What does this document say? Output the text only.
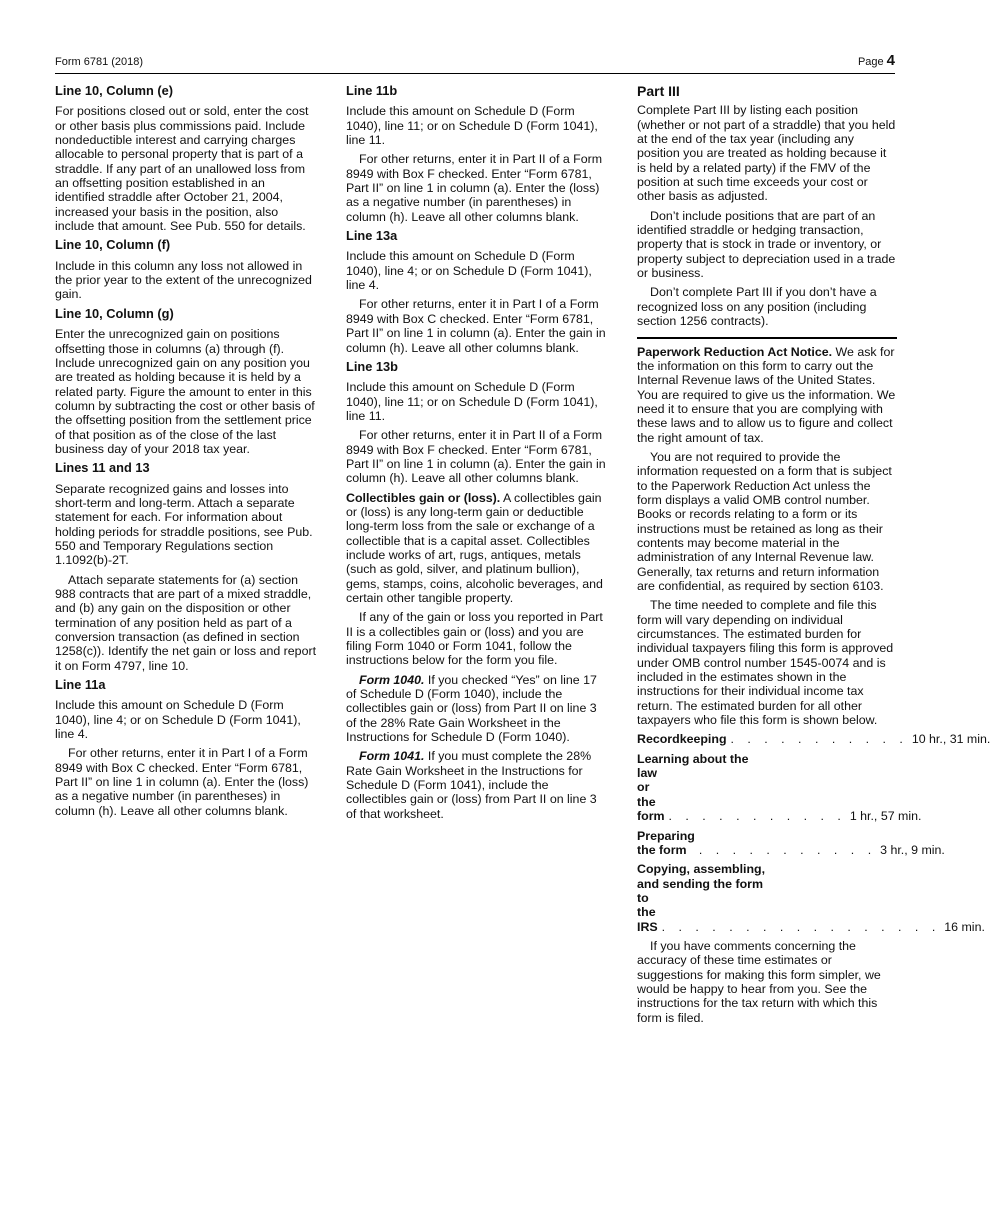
Form 6781 (2018)	Page 4
Line 10, Column (e)

For positions closed out or sold, enter the cost or other basis plus commissions paid. Include nondeductible interest and carrying charges allocable to personal property that is part of a straddle. If any part of an unallowed loss from an offsetting position established in an identified straddle after October 21, 2004, increased your basis in the position, also include that amount. See Pub. 550 for details.

Line 10, Column (f)

Include in this column any loss not allowed in the prior year to the extent of the unrecognized gain.

Line 10, Column (g)

Enter the unrecognized gain on positions offsetting those in columns (a) through (f). Include unrecognized gain on any position you are treated as holding because it is held by a related party. Figure the amount to enter in this column by subtracting the cost or other basis of the offsetting position from the settlement price of that position as of the close of the last business day of your 2018 tax year.

Lines 11 and 13

Separate recognized gains and losses into short-term and long-term. Attach a separate statement for each. For information about holding periods for straddle positions, see Pub. 550 and Temporary Regulations section 1.1092(b)-2T.

Attach separate statements for (a) section 988 contracts that are part of a mixed straddle, and (b) any gain on the disposition or other termination of any position held as part of a conversion transaction (as defined in section 1258(c)). Identify the net gain or loss and report it on Form 4797, line 10.

Line 11a

Include this amount on Schedule D (Form 1040), line 4; or on Schedule D (Form 1041), line 4.

For other returns, enter it in Part I of a Form 8949 with Box C checked. Enter “Form 6781, Part II” on line 1 in column (a). Enter the (loss) as a negative number (in parentheses) in column (h). Leave all other columns blank.

Line 11b

Include this amount on Schedule D (Form 1040), line 11; or on Schedule D (Form 1041), line 11.

For other returns, enter it in Part II of a Form 8949 with Box F checked. Enter “Form 6781, Part II” on line 1 in column (a). Enter the (loss) as a negative number (in parentheses) in column (h). Leave all other columns blank.

Line 13a

Include this amount on Schedule D (Form 1040), line 4; or on Schedule D (Form 1041), line 4.

For other returns, enter it in Part I of a Form 8949 with Box C checked. Enter “Form 6781, Part II” on line 1 in column (a). Enter the gain in column (h). Leave all other columns blank.

Line 13b

Include this amount on Schedule D (Form 1040), line 11; or on Schedule D (Form 1041), line 11.

For other returns, enter it in Part II of a Form 8949 with Box F checked. Enter “Form 6781, Part II” on line 1 in column (a). Enter the gain in column (h). Leave all other columns blank.

Collectibles gain or (loss). A collectibles gain or (loss) is any long-term gain or deductible long-term loss from the sale or exchange of a collectible that is a capital asset. Collectibles include works of art, rugs, antiques, metals (such as gold, silver, and platinum bullion), gems, stamps, coins, alcoholic beverages, and certain other tangible property.

If any of the gain or loss you reported in Part II is a collectibles gain or (loss) and you are filing Form 1040 or Form 1041, follow the instructions below for the form you file.

Form 1040. If you checked “Yes” on line 17 of Schedule D (Form 1040), include the collectibles gain or (loss) from Part II on line 3 of the 28% Rate Gain Worksheet in the Instructions for Schedule D (Form 1040).

Form 1041. If you must complete the 28% Rate Gain Worksheet in the Instructions for Schedule D (Form 1041), include the collectibles gain or (loss) from Part II on line 3 of that worksheet.

Part III

Complete Part III by listing each position (whether or not part of a straddle) that you held at the end of the tax year (including any position you are treated as holding because it is held by a related party) if the FMV of the position at such time exceeds your cost or other basis as adjusted.

Don’t include positions that are part of an identified straddle or hedging transaction, property that is stock in trade or inventory, or property subject to depreciation used in a trade or business.

Don’t complete Part III if you don’t have a recognized loss on any position (including section 1256 contracts).

Paperwork Reduction Act Notice. We ask for the information on this form to carry out the Internal Revenue laws of the United States. You are required to give us the information. We need it to ensure that you are complying with these laws and to allow us to figure and collect the right amount of tax.

You are not required to provide the information requested on a form that is subject to the Paperwork Reduction Act unless the form displays a valid OMB control number. Books or records relating to a form or its instructions must be retained as long as their contents may become material in the administration of any Internal Revenue law. Generally, tax returns and return information are confidential, as required by section 6103.

The time needed to complete and file this form will vary depending on individual circumstances. The estimated burden for individual taxpayers filing this form is approved under OMB control number 1545-0074 and is included in the estimates shown in the instructions for their individual income tax return. The estimated burden for all other taxpayers who file this form is shown below.

Recordkeeping . . . . . . . . . . . 10 hr., 31 min.
Learning about the
law or the form . . . . . . . . . . . 1 hr., 57 min.
Preparing the form . . . . . . . . . . . 3 hr., 9 min.
Copying, assembling,
and sending the form
to the IRS . . . . . . . . . . . . . . . . . 16 min.

If you have comments concerning the accuracy of these time estimates or suggestions for making this form simpler, we would be happy to hear from you. See the instructions for the tax return with which this form is filed.
